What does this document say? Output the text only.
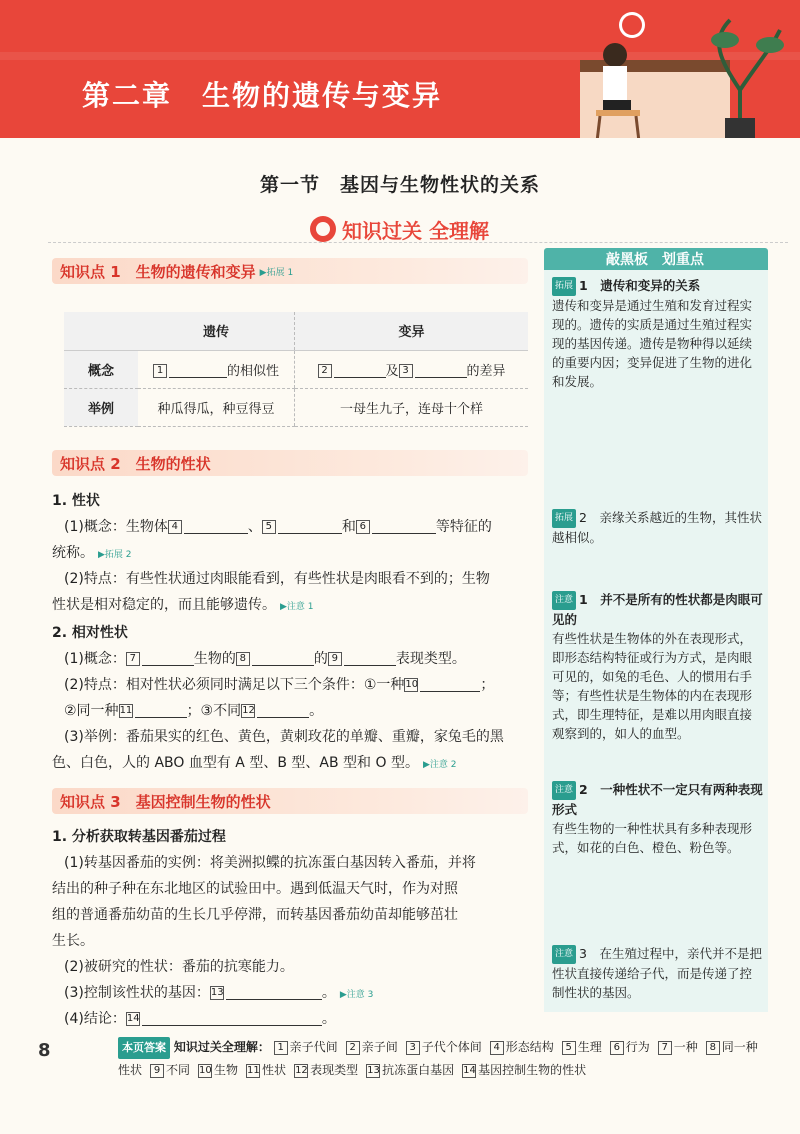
第二章　生物的遗传与变异
第一节　基因与生物性状的关系
知识过关 全理解
知识点 1　生物的遗传和变异 ▶拓展 1
	遗传	变异
概念	1 的相似性	2 及 3 的差异
举例	种瓜得瓜，种豆得豆	一母生九子，连母十个样
知识点 2　生物的性状
1. 性状
(1)概念：生物体 4	、 5	和 6	等特征的
统称。 ▶拓展 2
(2)特点：有些性状通过肉眼能看到，有些性状是肉眼看不到的；生物
性状是相对稳定的，而且能够遗传。 ▶注意 1
2. 相对性状
(1)概念： 7	生物的 8	的 9	表现类型。
(2)特点：相对性状必须同时满足以下三个条件：①一种10	；
②同一种11	；③不同12	。
(3)举例：番茄果实的红色、黄色，黄刺玫花的单瓣、重瓣，家兔毛的黑
色、白色，人的 ABO 血型有 A 型、B 型、AB 型和 O 型。 ▶注意 2
知识点 3　基因控制生物的性状
1. 分析获取转基因番茄过程
(1)转基因番茄的实例：将美洲拟鲽的抗冻蛋白基因转入番茄，并将
结出的种子种在东北地区的试验田中。遇到低温天气时，作为对照
组的普通番茄幼苗的生长几乎停滞，而转基因番茄幼苗却能够茁壮
生长。
(2)被研究的性状：番茄的抗寒能力。
(3)控制该性状的基因：13	。 ▶注意 3
(4)结论：14	。
敲黑板　划重点
拓展 1　遗传和变异的关系
遗传和变异是通过生殖和发育过程实现的。遗传的实质是通过生殖过程实现的基因传递。遗传是物种得以延续的重要内因；变异促进了生物的进化和发展。
拓展 2　亲缘关系越近的生物，其性状越相似。
注意 1　并不是所有的性状都是肉眼可见的
有些性状是生物体的外在表现形式，即形态结构特征或行为方式，是肉眼可见的，如兔的毛色、人的惯用右手等；有些性状是生物体的内在表现形式，即生理特征，是难以用肉眼直接观察到的，如人的血型。
注意 2　一种性状不一定只有两种表现形式
有些生物的一种性状具有多种表现形式，如花的白色、橙色、粉色等。
注意 3　在生殖过程中，亲代并不是把性状直接传递给子代，而是传递了控制性状的基因。
8	本页答案 知识过关全理解： 1 亲子代间 2 亲子间 3 子代个体间 4 形态结构 5 生理 6 行为 7 一种 8 同一种性状 9 不同 10 生物 11 性状 12 表现类型 13 抗冻蛋白基因 14 基因控制生物的性状
